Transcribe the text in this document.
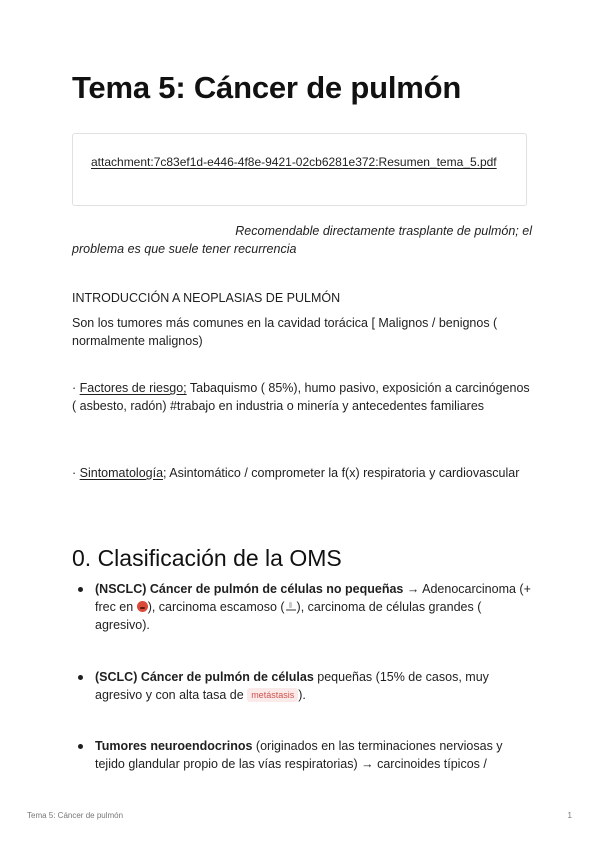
Tema 5: Cáncer de pulmón
attachment:7c83ef1d-e446-4f8e-9421-02cb6281e372:Resumen_tema_5.pdf

Recomendable directamente trasplante de pulmón; el
problema es que suele tener recurrencia

INTRODUCCIÓN A NEOPLASIAS DE PULMÓN

Son los tumores más comunes en la cavidad torácica [ Malignos / benignos ( normalmente malignos)

· Factores de riesgo; Tabaquismo ( 85%), humo pasivo, exposición a carcinógenos ( asbesto, radón) #trabajo en industria o minería y antecedentes familiares

· Sintomatología; Asintomático / comprometer la f(x) respiratoria y cardiovascular

0. Clasificación de la OMS
(NSCLC) Cáncer de pulmón de células no pequeñas → Adenocarcinoma (+ frec en ), carcinoma escamoso ( ), carcinoma de células grandes ( agresivo).
(SCLC) Cáncer de pulmón de células pequeñas (15% de casos, muy agresivo y con alta tasa de metástasis ).
Tumores neuroendocrinos (originados en las terminaciones nerviosas y tejido glandular propio de las vías respiratorias) → carcinoides típicos /
Tema 5: Cáncer de pulmón	1
